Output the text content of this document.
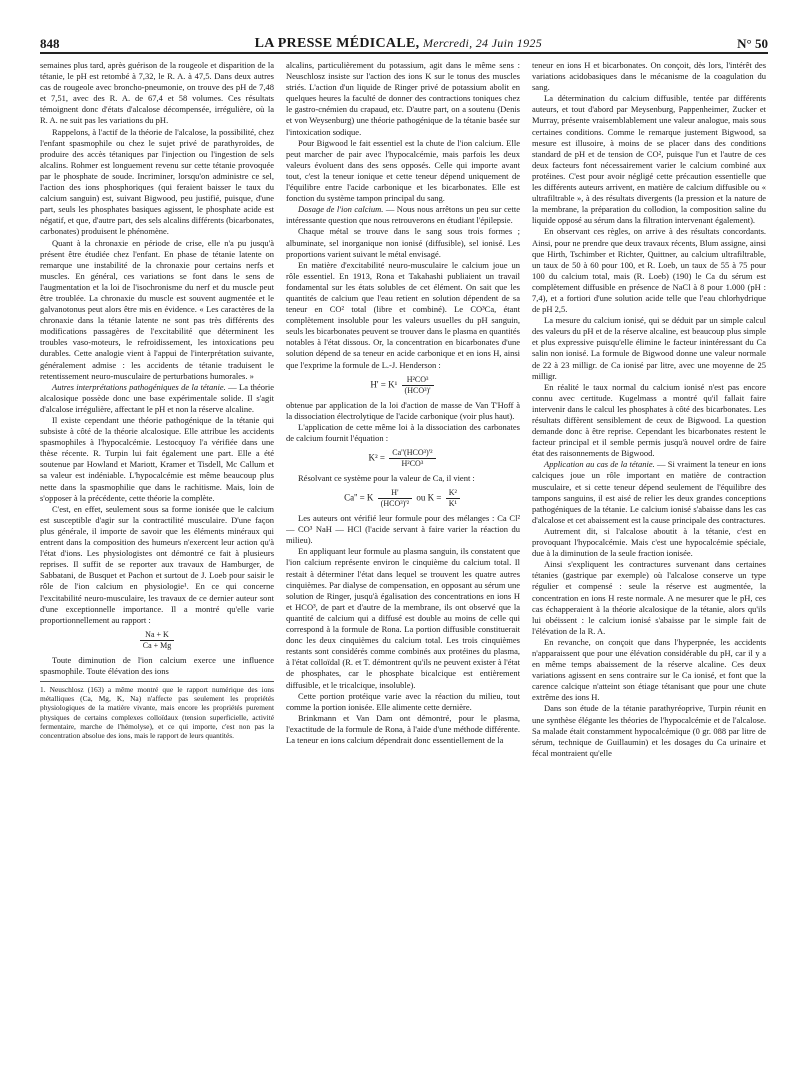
848	LA PRESSE MÉDICALE, Mercredi, 24 Juin 1925	N° 50

semaines plus tard, après guérison de la rougeole et disparition de la tétanie, le pH est retombé à 7,32, le R. A. à 47,5. Dans deux autres cas de rougeole avec broncho-pneumonie, on trouve des pH de 7,48 et 7,51, avec des R. A. de 67,4 et 58 volumes. Ces résultats témoignent donc d'états d'alcalose décompensée, irrégulière, où la R. A. ne suit pas les variations du pH.

Rappelons, à l'actif de la théorie de l'alcalose, la possibilité, chez l'enfant spasmophile ou chez le sujet privé de parathyroïdes, de produire des accès tétaniques par l'injection ou l'ingestion de sels alcalins. Rohmer est longuement revenu sur cette tétanie provoquée par le phosphate de soude. Incriminer, lorsqu'on administre ce sel, l'action des ions phosphoriques (qui feraient baisser le taux du calcium sanguin) est, suivant Bigwood, peu justifié, puisque, d'une part, seuls les phosphates basiques agissent, le phosphate acide est négatif, et que, d'autre part, des sels alcalins différents (bicarbonates, carbonates) produisent le phénomène.

Quant à la chronaxie en période de crise, elle n'a pu jusqu'à présent être étudiée chez l'enfant. En phase de tétanie latente on remarque une instabilité de la chronaxie pour certains nerfs et muscles. En général, ces variations se font dans le sens de l'augmentation et la loi de l'isochronisme du nerf et du muscle peut être troublée. La chronaxie du muscle est souvent augmentée et le galvanotonus peut alors être mis en évidence. « Les caractères de la chronaxie dans la tétanie latente ne sont pas très différents des modifications passagères de l'excitabilité que déterminent les troubles vaso-moteurs, le refroidissement, les intoxications peu durables. Cette analogie vient à l'appui de l'interprétation suivante, généralement admise : les accidents de tétanie traduisent le retentissement neuro-musculaire de perturbations humorales. »

Autres interprétations pathogéniques de la tétanie. — La théorie alcalosique possède donc une base expérimentale solide. Il s'agit d'alcalose irrégulière, affectant le pH et non la réserve alcaline.

Il existe cependant une théorie pathogénique de la tétanie qui subsiste à côté de la théorie alcalosique. Elle attribue les accidents spasmophiles à l'hypocalcémie. Lestocquoy l'a vérifiée dans une thèse récente. R. Turpin lui fait également une part. Elle a été soutenue par Howland et Mariott, Kramer et Tisdell, Mc Callum et sa valeur est indéniable. L'hypocalcémie est même beaucoup plus nette dans la spasmophilie que dans le rachitisme. Mais, loin de s'opposer à la précédente, cette théorie la complète.

C'est, en effet, seulement sous sa forme ionisée que le calcium est susceptible d'agir sur la contractilité musculaire. D'une façon plus générale, il importe de savoir que les éléments minéraux qui entrent dans la composition des humeurs n'exercent leur action qu'à l'état d'ions. Les physiologistes ont démontré ce fait à plusieurs reprises. Il suffit de se reporter aux travaux de Hamburger, de Sabbatani, de Busquet et Pachon et surtout de J. Loeb pour saisir le rôle de l'ion calcium en physiologie¹. En ce qui concerne l'excitabilité neuro-musculaire, les travaux de ce dernier auteur sont d'une exceptionnelle importance. Il a montré qu'elle varie proportionnellement au rapport :

$\frac{Na + K}{Ca + Mg}$

Toute diminution de l'ion calcium exerce une influence spasmophile. Toute élévation des ions

1. Neuschlosz (163) a même montré que le rapport numérique des ions métalliques (Ca, Mg, K, Na) n'affecte pas seulement les propriétés physiologiques de la matière vivante, mais encore les propriétés purement physiques de certains complexes colloïdaux (tension superficielle, activité fermentaire, marche de l'hémolyse), et ce qui importe, c'est non pas la concentration absolue des ions, mais le rapport de leurs quantités.

alcalins, particulièrement du potassium, agit dans le même sens : Neuschlosz insiste sur l'action des ions K sur le tonus des muscles striés. L'action d'un liquide de Ringer privé de potassium abolit en quelques heures la faculté de donner des contractions toniques chez le gastro-cnémien du crapaud, etc. D'autre part, on a soutenu (Denis et von Weysenburg) une théorie pathogénique de la tétanie basée sur l'intoxication sodique.

Pour Bigwood le fait essentiel est la chute de l'ion calcium. Elle peut marcher de pair avec l'hypocalcémie, mais parfois les deux valeurs évoluent dans des sens opposés. Celle qui importe avant tout, c'est la teneur ionique et cette teneur dépend uniquement de l'équilibre entre l'acide carbonique et les bicarbonates. Elle est fonction du système tampon principal du sang.

Dosage de l'ion calcium. — Nous nous arrêtons un peu sur cette intéressante question que nous retrouverons en étudiant l'épilepsie.

Chaque métal se trouve dans le sang sous trois formes ; albuminate, sel inorganique non ionisé (diffusible), sel ionisé. Les proportions varient suivant le métal envisagé.

En matière d'excitabilité neuro-musculaire le calcium joue un rôle essentiel. En 1913, Rona et Takahashi publiaient un travail fondamental sur les états solubles de cet élément. On sait que les quantités de calcium que l'eau retient en solution dépendent de sa teneur en CO² total (libre et combiné). Le CO³Ca, étant complètement insoluble pour les valeurs usuelles du pH sanguin, seuls les bicarbonates peuvent se trouver dans le plasma en quantités notables à l'état dissous. Or, la concentration en bicarbonates d'une solution dépend de sa teneur en acide carbonique et en ions H, ainsi que l'exprime la formule de L.-J. Henderson :

$H' = K^1 \frac{\text{H²CO³}}{\text{(HCO³)'}}$

obtenue par application de la loi d'action de masse de Van T'Hoff à la dissociation électrolytique de l'acide carbonique (voir plus haut).

L'application de cette même loi à la dissociation des carbonates de calcium fournit l'équation :

$K^2 = \frac{\text{Ca''(HCO³)'²}}{\text{H²CO³}}$

Résolvant ce système pour la valeur de Ca, il vient :

Ca'' = K $\frac{H'}{\text{(HCO³)'²}}$ ou $K = \frac{\text{K²}}{\text{K¹}}$

Les auteurs ont vérifié leur formule pour des mélanges : Ca Cl² — CO³ NaH — HCl (l'acide servant à faire varier la réaction du milieu).

En appliquant leur formule au plasma sanguin, ils constatent que l'ion calcium représente environ le cinquième du calcium total. Il restait à déterminer l'état dans lequel se trouvent les quatre autres cinquièmes. Par dialyse de compensation, en opposant au sérum une solution de Ringer, jusqu'à égalisation des concentrations en ions H et HCO³, de part et d'autre de la membrane, ils ont observé que la quantité de calcium qui a diffusé est double au moins de celle qui correspond à la formule de Rona. La portion diffusible constituerait donc les deux cinquièmes du calcium total. Les trois cinquièmes restants sont considérés comme combinés aux protéines du plasma, à l'état colloïdal (R. et T. démontrent qu'ils ne peuvent exister à l'état de phosphates, car le phosphate bicalcique est entièrement diffusible, et le tricalcique, insoluble).

Cette portion protéique varie avec la réaction du milieu, tout comme la portion ionisée. Elle alimente cette dernière.

Brinkmann et Van Dam ont démontré, pour le plasma, l'exactitude de la formule de Rona, à l'aide d'une méthode différente. La teneur en ions calcium dépendrait donc essentiellement de la

teneur en ions H et bicarbonates. On conçoit, dès lors, l'intérêt des variations acidobasiques dans le mécanisme de la coagulation du sang.

La détermination du calcium diffusible, tentée par différents auteurs, et tout d'abord par Meysenburg, Pappenheimer, Zucker et Murray, présente vraisemblablement une valeur analogue, mais sous certaines conditions. Comme le remarque justement Bigwood, sa mesure est illusoire, à moins de se placer dans des conditions standard de pH et de tension de CO², puisque l'un et l'autre de ces deux facteurs font nécessairement varier le calcium combiné aux protéines. C'est pour avoir négligé cette précaution essentielle que les différents auteurs arrivent, en matière de calcium diffusible ou « ultrafiltrable », à des résultats divergents (la pression et la nature de la membrane, la préparation du collodion, la composition saline du liquide opposé au sérum dans la filtration intervenant également).

En observant ces règles, on arrive à des résultats concordants. Ainsi, pour ne prendre que deux travaux récents, Blum assigne, ainsi que Hirth, Tschimber et Richter, Quittner, au calcium ultrafiltrable, un taux de 50 à 60 pour 100, et R. Loeb, un taux de 55 à 75 pour 100 du calcium total, mais (R. Loeb) (190) le Ca du sérum est complètement diffusible en présence de NaCl à 8 pour 1.000 (pH : 7,4), et a fortiori d'une solution acide telle que l'eau chlorhydrique de pH 2,5.

La mesure du calcium ionisé, qui se déduit par un simple calcul des valeurs du pH et de la réserve alcaline, est beaucoup plus simple et plus expressive puisqu'elle élimine le facteur inintéressant du Ca salin non ionisé. La formule de Bigwood donne une valeur normale de 22 à 23 milligr. de Ca ionisé par litre, avec une moyenne de 25 milligr.

En réalité le taux normal du calcium ionisé n'est pas encore connu avec certitude. Kugelmass a montré qu'il fallait faire intervenir dans le calcul les phosphates à côté des bicarbonates. Les résultats diffèrent sensiblement de ceux de Bigwood. La question demande donc à être reprise. Cependant les bicarbonates restent le facteur principal et il semble permis jusqu'à nouvel ordre de faire état des raisonnements de Bigwood.

Application au cas de la tétanie. — Si vraiment la teneur en ions calciques joue un rôle important en matière de contraction musculaire, et si cette teneur dépend seulement de l'équilibre des tampons sanguins, il est aisé de relier les deux grandes conceptions pathogéniques de la tétanie. Le calcium ionisé s'abaisse dans les cas d'alcalose et cet abaissement est la cause principale des contractures.

Autrement dit, si l'alcalose aboutit à la tétanie, c'est en provoquant l'hypocalcémie. Mais c'est une hypocalcémie spéciale, due à la diminution de la seule fraction ionisée.

Ainsi s'expliquent les contractures survenant dans certaines tétanies (gastrique par exemple) où l'alcalose conserve un type régulier et compensé : seule la réserve est augmentée, la concentration en ions H reste normale. A ne mesurer que le pH, ces cas échapperaient à la théorie alcalosique de la tétanie, alors qu'ils lui obéissent : le calcium ionisé s'abaisse par le simple fait de l'élévation de la R. A.

En revanche, on conçoit que dans l'hyperpnée, les accidents n'apparaissent que pour une élévation considérable du pH, car il y a en même temps abaissement de la réserve alcaline. Ces deux variations agissent en sens contraire sur le Ca ionisé, et font que la carence calcique n'atteint son étiage tétanisant que pour une chute extrême des ions H.

Dans son étude de la tétanie parathyréoprive, Turpin réunit en une synthèse élégante les théories de l'hypocalcémie et de l'alcalose. Sa malade était constamment hypocalcémique (0 gr. 088 par litre de sérum, technique de Guillaumin) et les dosages du Ca urinaire et fécal montraient qu'elle
